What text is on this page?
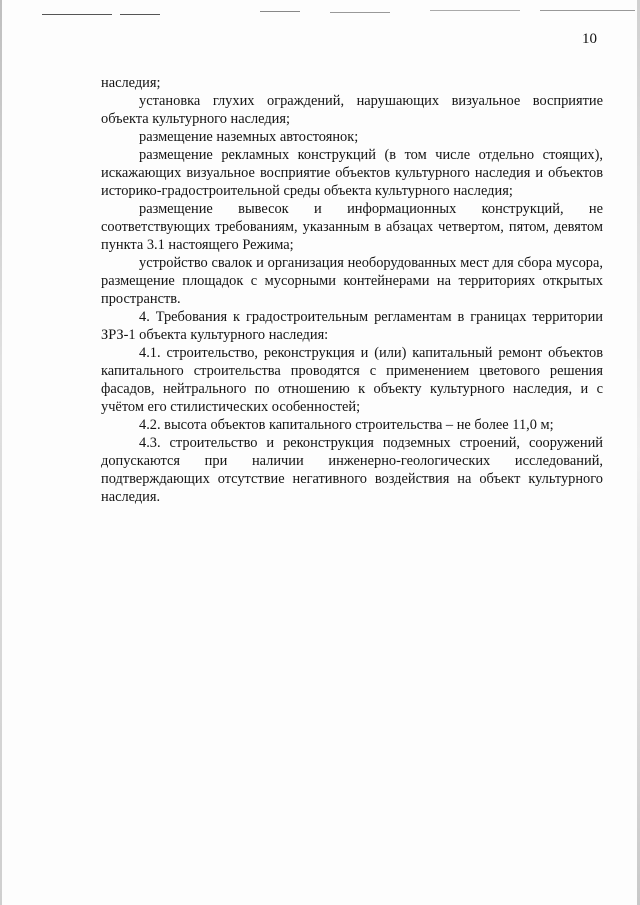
10

наследия;

установка глухих ограждений, нарушающих визуальное восприятие объекта культурного наследия;

размещение наземных автостоянок;

размещение рекламных конструкций (в том числе отдельно стоящих), искажающих визуальное восприятие объектов культурного наследия и объектов историко-градостроительной среды объекта культурного наследия;

размещение вывесок и информационных конструкций, не соответствующих требованиям, указанным в абзацах четвертом, пятом, девятом пункта 3.1 настоящего Режима;

устройство свалок и организация необорудованных мест для сбора мусора, размещение площадок с мусорными контейнерами на территориях открытых пространств.

4. Требования к градостроительным регламентам в границах территории ЗРЗ-1 объекта культурного наследия:

4.1. строительство, реконструкция и (или) капитальный ремонт объектов капитального строительства проводятся с применением цветового решения фасадов, нейтрального по отношению к объекту культурного наследия, и с учётом его стилистических особенностей;

4.2. высота объектов капитального строительства – не более 11,0 м;

4.3. строительство и реконструкция подземных строений, сооружений допускаются при наличии инженерно-геологических исследований, подтверждающих отсутствие негативного воздействия на объект культурного наследия.
